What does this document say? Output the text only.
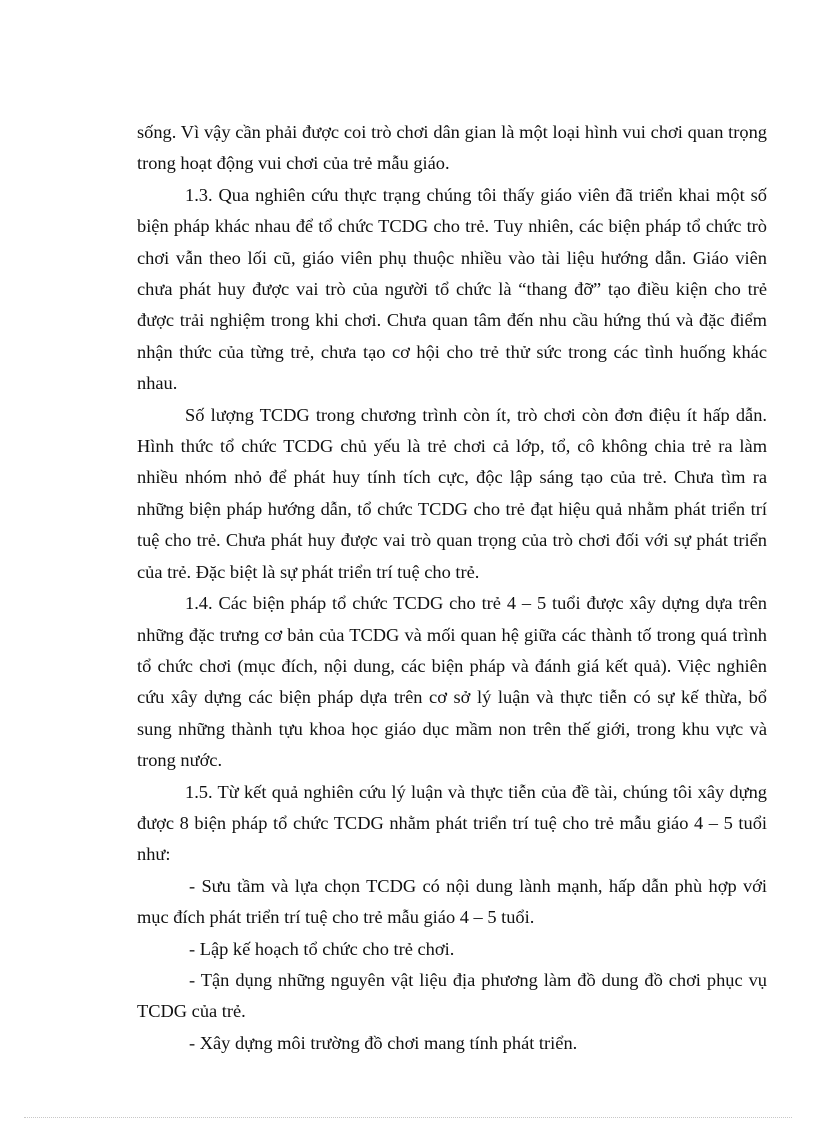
sống. Vì vậy cần phải được coi trò chơi dân gian là một loại hình vui chơi quan trọng trong hoạt động vui chơi của trẻ mẫu giáo.

1.3. Qua nghiên cứu thực trạng chúng tôi thấy giáo viên đã triển khai một số biện pháp khác nhau để tổ chức TCDG cho trẻ. Tuy nhiên, các biện pháp tổ chức trò chơi vẫn theo lối cũ, giáo viên phụ thuộc nhiều vào tài liệu hướng dẫn. Giáo viên chưa phát huy được vai trò của người tổ chức là “thang đỡ” tạo điều kiện cho trẻ được trải nghiệm trong khi chơi. Chưa quan tâm đến nhu cầu hứng thú và đặc điểm nhận thức của từng trẻ, chưa tạo cơ hội cho trẻ thử sức trong các tình huống khác nhau.

Số lượng TCDG trong chương trình còn ít, trò chơi còn đơn điệu ít hấp dẫn. Hình thức tổ chức TCDG chủ yếu là trẻ chơi cả lớp, tổ, cô không chia trẻ ra làm nhiều nhóm nhỏ để phát huy tính tích cực, độc lập sáng tạo của trẻ. Chưa tìm ra những biện pháp hướng dẫn, tổ chức TCDG cho trẻ đạt hiệu quả nhằm phát triển trí tuệ cho trẻ. Chưa phát huy được vai trò quan trọng của trò chơi đối với sự phát triển của trẻ. Đặc biệt là sự phát triển trí tuệ cho trẻ.

1.4. Các biện pháp tổ chức TCDG cho trẻ 4 – 5 tuổi được xây dựng dựa trên những đặc trưng cơ bản của TCDG và mối quan hệ giữa các thành tố trong quá trình tổ chức chơi (mục đích, nội dung, các biện pháp và đánh giá kết quả). Việc nghiên cứu xây dựng các biện pháp dựa trên cơ sở lý luận và thực tiễn có sự kế thừa, bổ sung những thành tựu khoa học giáo dục mầm non trên thế giới, trong khu vực và trong nước.

1.5. Từ kết quả nghiên cứu lý luận và thực tiễn của đề tài, chúng tôi xây dựng được 8 biện pháp tổ chức TCDG nhằm phát triển trí tuệ cho trẻ mẫu giáo 4 – 5 tuổi như:

- Sưu tầm và lựa chọn TCDG có nội dung lành mạnh, hấp dẫn phù hợp với mục đích phát triển trí tuệ cho trẻ mẫu giáo 4 – 5 tuổi.

- Lập kế hoạch tổ chức cho trẻ chơi.

- Tận dụng những nguyên vật liệu địa phương làm đồ dung đồ chơi phục vụ TCDG của trẻ.

- Xây dựng môi trường đồ chơi mang tính phát triển.
